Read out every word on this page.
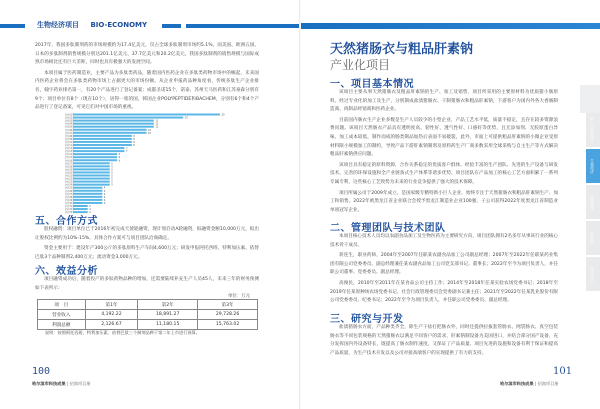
生物经济项目 BIO-ECONOMY

2017年，我国多肽制剂药的市场规模约为17.4亿美元，仅占全球多肽制剂市场约5.1%，而美国、欧洲五国、日本的多肽制剂销售规模分别达201.1亿美元、37.7亿美元和20.2亿美元，我国多肽制剂的销售规模与国际成熟市场相比还有巨大差距，同时也具有极强大的发展空间。

本项目属于医药制造业，主要产品为多肽类药品，随着国内医药企业在多肽类药物市场中的崛起，未来国内医药企业将会在多肽类药物市场上占据更大的市场份额。从企业申报药品种角度看，传统多肽生产企业排名，翰宇药业排名第一，有20个产品进行了登记备案；成都圣诺15个，诺泰、苏州天马医药和江苏豪森分别有9个；项目单位有8个（现在10个），居得一席的国，韩国企业POLYPEPTIDE和BACHEM，分别有6个和4个产品进行了登记备案，可见它们对中国市场的重视。

企业01	20
企业02	15
企业03	11
企业04	11
企业05	11
企业06	10
企业07	10
企业08	8
企业09	8
企业10	8
企业11	8
企业12	7
企业13	7
企业14	6
企业15	6
企业16	6
企业17	5
企业18	5
企业19	5
企业20	5
企业21	5
企业22	5
企业23	5
企业24	5
企业25	4
企业26	4
企业27	4
企业28	4
企业29	4
企业30	4
企业31	2
企业32	2
企业33	2
五、合作方式

股权融资：项目单位已于2016年初完成天使轮融资，现计划启动A轮融资，拟融资金额10,000万元，拟出让股权比例约为10%-15%，具体合作方案可与项目团队洽商确定。

资金主要用于：建设年产300公斤的多肽原料生产车间4,600万元；研发申报阿托西班、特利加压素、依替巴肽3个品种制剂2,400万元；流动资金3,000万元。

六、效益分析

项目融资成功后，随着投产的多肽药物品种的增加，还需要陆续补充生产人员45人，未来三年的财务预测如下表所示：

单位：万元
项　目	第1年	第2年	第3年
营业收入	4,192.22	18,891.27	29,728.26
利润总额	2,126.67	11,180.15	15,763.02
说明：按照阿托西班、特利加压素、依替巴肽三个制剂品种于第二年上市进行预算。
100
哈尔滨市科技成果 | 招商项目册
天然猪肠衣与粗品肝素钠
产业化项目
一、项目基本情况

该项目主要从事天然猪肠衣及粗品肝素钠的生产、加工及销售，项目所采用的主要原材料为优质猪小肠原料，经过专业化的加工及生产，分别制成盐渍猪肠衣、干制猪肠衣和粗品肝素钠，下游客户为国内外各大香肠制造商、肉制品经销商和医药企业。

目前国内肠衣生产企业多数是生产人员较少的小型企业，产品工艺水平低，质量不稳定，且存在较多资源浪费问题。该项目天然肠衣产品具有透明度高、韧性好、透气性好、口感好等优势，且无添加剂、无胶原蛋白异味，加工成本较低，制作而成的肠类制品加热后表面不易破裂，此外，市面上可提供粗品肝素钠的小微企业受原材料限小规模加工的制约，导致产品下游肝素钠制剂及原料药生产厂商多数采用全球采购与自主生产等方式解决粗品肝素钠供应问题。

该项目具有稳定的原料资源、合作关系稳定的优质客户群体、经验丰富的生产团队、先进的生产设备与研发技术，完善的环保设施和全产业链条式生产体系等诸多优势。项目团队在产品加工的核心工艺方面积累了一系列专属专利，这些核心工艺致势为未来的行业竞争提供了强大的技术保障。

项目所属公司于2009年成立，是国家级专精特新小巨人企业，始终专注于天然猪肠衣和粗品肝素钠生产、加工和销售。2022年被黑龙江省企业联合会授予黑龙江制造业企业100强，子公司获得2022年度黑龙江省制造业单项冠军企业。

二、管理团队与技术团队

本项目核心技术人员均以农副食品加工及生物医药为主要研究方向，项目团队拥有2名多年从事该行业的核心技术骨干成员。

蒋连生，职业药师，2004年至2007年任职某农副食品加工公司副总经理；2007年至2022年任职某药业集团有限公司党委委员、副总经理兼任某农副食品加工公司党支部书记、董事长；2022年至今为项目负责人，并任职公司董事、党委委员、副总经理。

高俊民，2010年至2011年在某食品公司主持工作；2014年至2018年任某实验农场党委书记；2018年至2019年任某原种场农场党委书记、社会行政管理委员会党委副书记兼主任；2021年至2022年任某乳业股份有限公司党委委员、纪委书记；2022年至今为项目负责人，并任职公司党委委员、副总经理。

三、研究与开发

盐渍猪肠衣方面，产品种类齐全，除生产干盐打把肠衣外，同时还提供拉拔套管肠衣、网袋肠衣、真空包装肠衣等不同包装规格的天然猪肠衣以满足不同客户的需求，肝素钠制设备为美国进口，并结合部分国产设备，充分发挥国内外设备特长，既提高了肠衣制作速度，又保证了产品质量。项目先进的设施和设备有利于保证和提高产品质量，为生产技术开发以及公司对接高端客户的实现提供了有力的支持。

新一代信息技术
生物经济
高端装备
新材料
现代农业
101
哈尔滨市科技成果 | 招商项目册
